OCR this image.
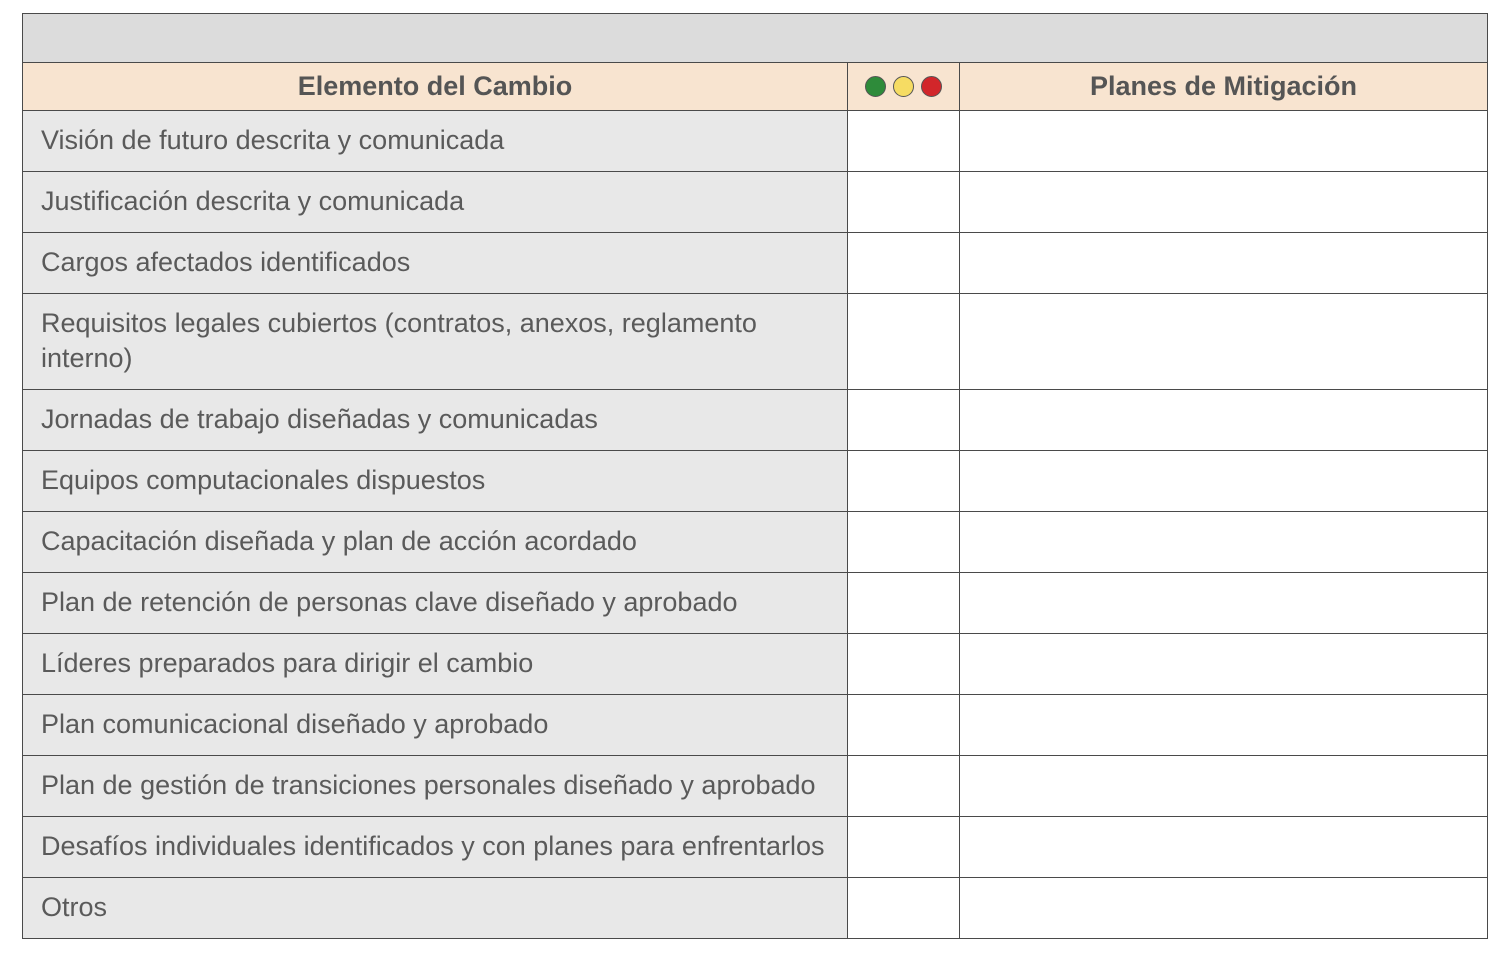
Elemento del Cambio		Planes de Mitigación
Visión de futuro descrita y comunicada		
Justificación descrita y comunicada		
Cargos afectados identificados		
Requisitos legales cubiertos (contratos, anexos, reglamento interno)		
Jornadas de trabajo diseñadas y comunicadas		
Equipos computacionales dispuestos		
Capacitación diseñada y plan de acción acordado		
Plan de retención de personas clave diseñado y aprobado		
Líderes preparados para dirigir el cambio		
Plan comunicacional diseñado y aprobado		
Plan de gestión de transiciones personales diseñado y aprobado		
Desafíos individuales identificados y con planes para enfrentarlos		
Otros		
